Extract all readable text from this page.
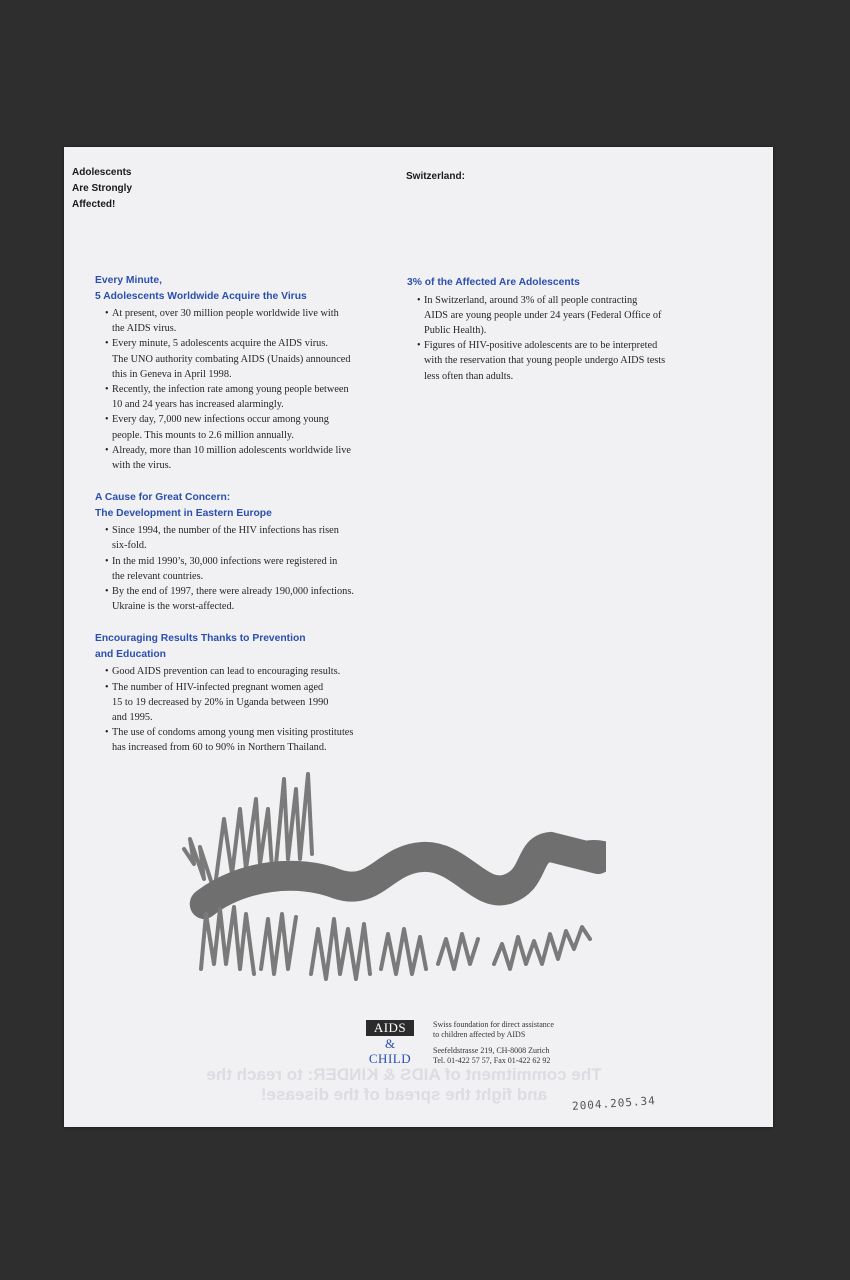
The commitment of AIDS & KINDER: to reach the
and fight the spread of the disease!
Adolescents
Are Strongly
Affected!
Switzerland:
Every Minute,
5 Adolescents Worldwide Acquire the Virus
• At present, over 30 million people worldwide live with
the AIDS virus.
• Every minute, 5 adolescents acquire the AIDS virus.
The UNO authority combating AIDS (Unaids) announced
this in Geneva in April 1998.
• Recently, the infection rate among young people between
10 and 24 years has increased alarmingly.
• Every day, 7,000 new infections occur among young
people. This mounts to 2.6 million annually.
• Already, more than 10 million adolescents worldwide live
with the virus.
A Cause for Great Concern:
The Development in Eastern Europe
• Since 1994, the number of the HIV infections has risen
six-fold.
• In the mid 1990’s, 30,000 infections were registered in
the relevant countries.
• By the end of 1997, there were already 190,000 infections.
Ukraine is the worst-affected.
Encouraging Results Thanks to Prevention
and Education
• Good AIDS prevention can lead to encouraging results.
• The number of HIV-infected pregnant women aged
15 to 19 decreased by 20% in Uganda between 1990
and 1995.
• The use of condoms among young men visiting prostitutes
has increased from 60 to 90% in Northern Thailand.
3% of the Affected Are Adolescents
• In Switzerland, around 3% of all people contracting
AIDS are young people under 24 years (Federal Office of
Public Health).
• Figures of HIV-positive adolescents are to be interpreted
with the reservation that young people undergo AIDS tests
less often than adults.
AIDS
&
CHILD
Swiss foundation for direct assistance
to children affected by AIDS
Seefeldstrasse 219, CH-8008 Zurich
Tel. 01-422 57 57, Fax 01-422 62 92
2004.205.34
